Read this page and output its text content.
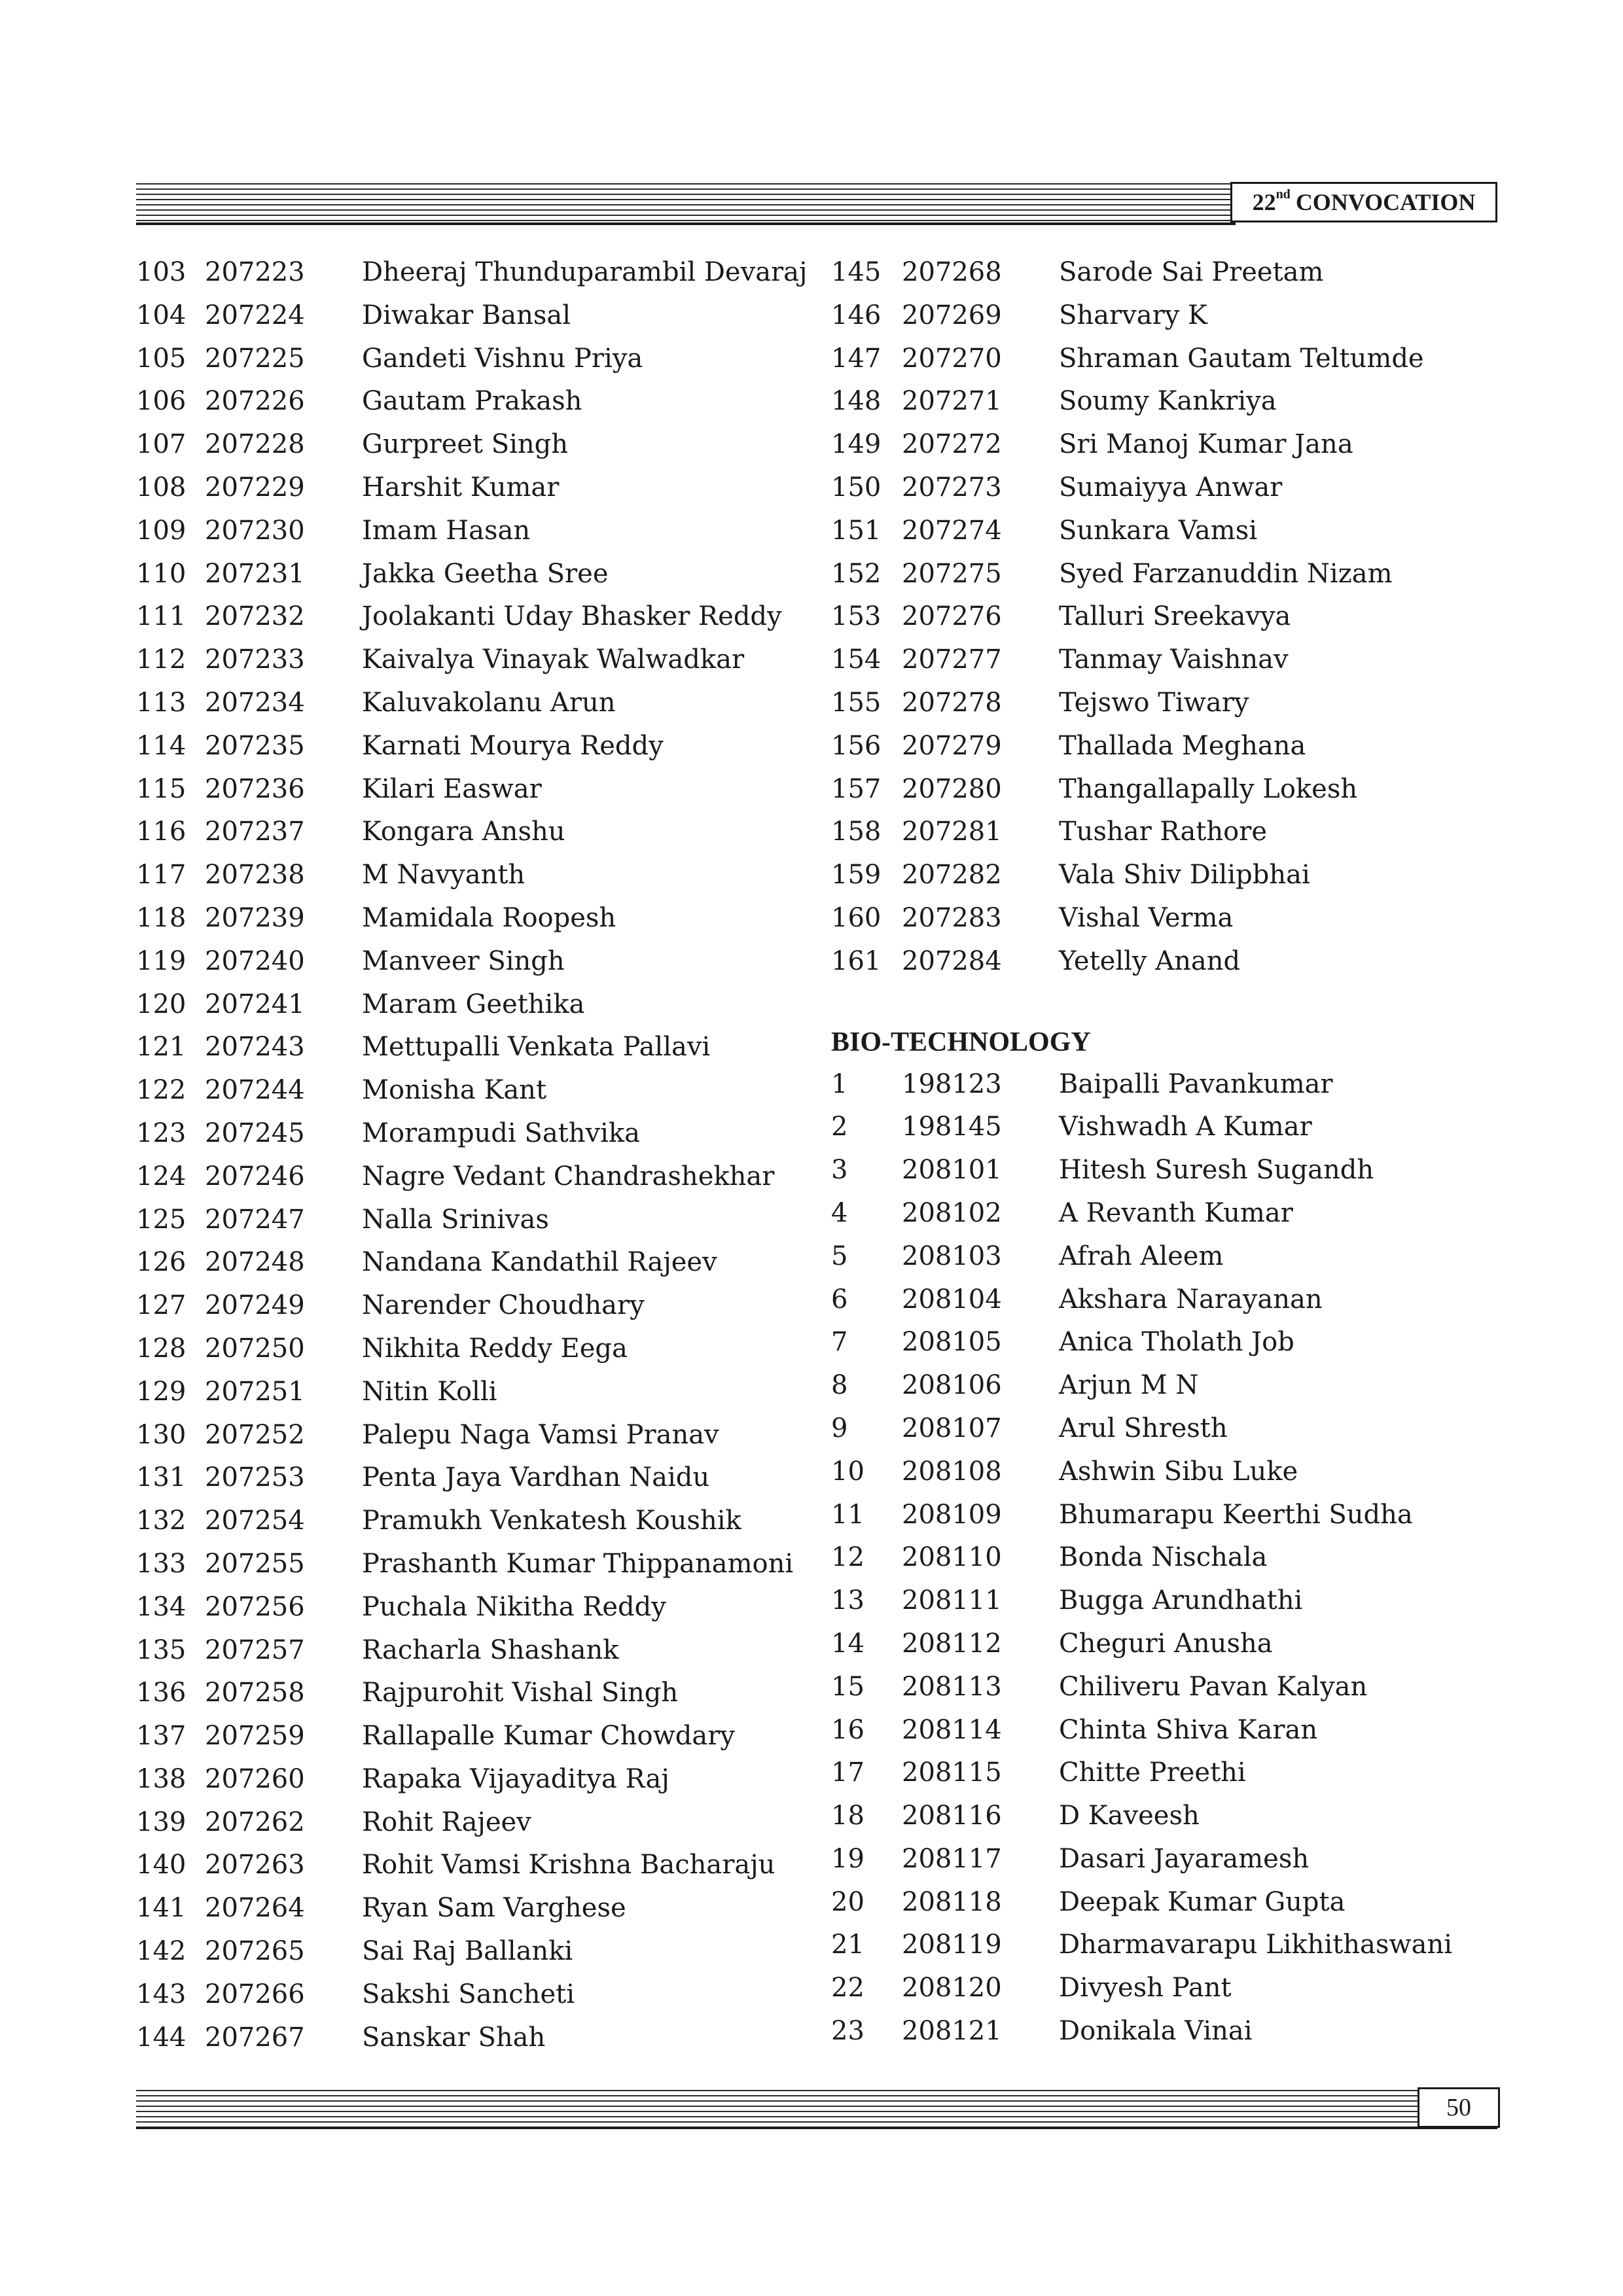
22nd CONVOCATION
103 207223 Dheeraj Thunduparambil Devaraj
104 207224 Diwakar Bansal
105 207225 Gandeti Vishnu Priya
106 207226 Gautam Prakash
107 207228 Gurpreet Singh
108 207229 Harshit Kumar
109 207230 Imam Hasan
110 207231 Jakka Geetha Sree
111 207232 Joolakanti Uday Bhasker Reddy
112 207233 Kaivalya Vinayak Walwadkar
113 207234 Kaluvakolanu Arun
114 207235 Karnati Mourya Reddy
115 207236 Kilari Easwar
116 207237 Kongara Anshu
117 207238 M Navyanth
118 207239 Mamidala Roopesh
119 207240 Manveer Singh
120 207241 Maram Geethika
121 207243 Mettupalli Venkata Pallavi
122 207244 Monisha Kant
123 207245 Morampudi Sathvika
124 207246 Nagre Vedant Chandrashekhar
125 207247 Nalla Srinivas
126 207248 Nandana Kandathil Rajeev
127 207249 Narender Choudhary
128 207250 Nikhita Reddy Eega
129 207251 Nitin Kolli
130 207252 Palepu Naga Vamsi Pranav
131 207253 Penta Jaya Vardhan Naidu
132 207254 Pramukh Venkatesh Koushik
133 207255 Prashanth Kumar Thippanamoni
134 207256 Puchala Nikitha Reddy
135 207257 Racharla Shashank
136 207258 Rajpurohit Vishal Singh
137 207259 Rallapalle Kumar Chowdary
138 207260 Rapaka Vijayaditya Raj
139 207262 Rohit Rajeev
140 207263 Rohit Vamsi Krishna Bacharaju
141 207264 Ryan Sam Varghese
142 207265 Sai Raj Ballanki
143 207266 Sakshi Sancheti
144 207267 Sanskar Shah
145 207268 Sarode Sai Preetam
146 207269 Sharvary K
147 207270 Shraman Gautam Teltumde
148 207271 Soumy Kankriya
149 207272 Sri Manoj Kumar Jana
150 207273 Sumaiyya Anwar
151 207274 Sunkara Vamsi
152 207275 Syed Farzanuddin Nizam
153 207276 Talluri Sreekavya
154 207277 Tanmay Vaishnav
155 207278 Tejswo Tiwary
156 207279 Thallada Meghana
157 207280 Thangallapally Lokesh
158 207281 Tushar Rathore
159 207282 Vala Shiv Dilipbhai
160 207283 Vishal Verma
161 207284 Yetelly Anand
BIO-TECHNOLOGY
1 198123 Baipalli Pavankumar
2 198145 Vishwadh A Kumar
3 208101 Hitesh Suresh Sugandh
4 208102 A Revanth Kumar
5 208103 Afrah Aleem
6 208104 Akshara Narayanan
7 208105 Anica Tholath Job
8 208106 Arjun M N
9 208107 Arul Shresth
10 208108 Ashwin Sibu Luke
11 208109 Bhumarapu Keerthi Sudha
12 208110 Bonda Nischala
13 208111 Bugga Arundhathi
14 208112 Cheguri Anusha
15 208113 Chiliveru Pavan Kalyan
16 208114 Chinta Shiva Karan
17 208115 Chitte Preethi
18 208116 D Kaveesh
19 208117 Dasari Jayaramesh
20 208118 Deepak Kumar Gupta
21 208119 Dharmavarapu Likhithaswani
22 208120 Divyesh Pant
23 208121 Donikala Vinai
50
